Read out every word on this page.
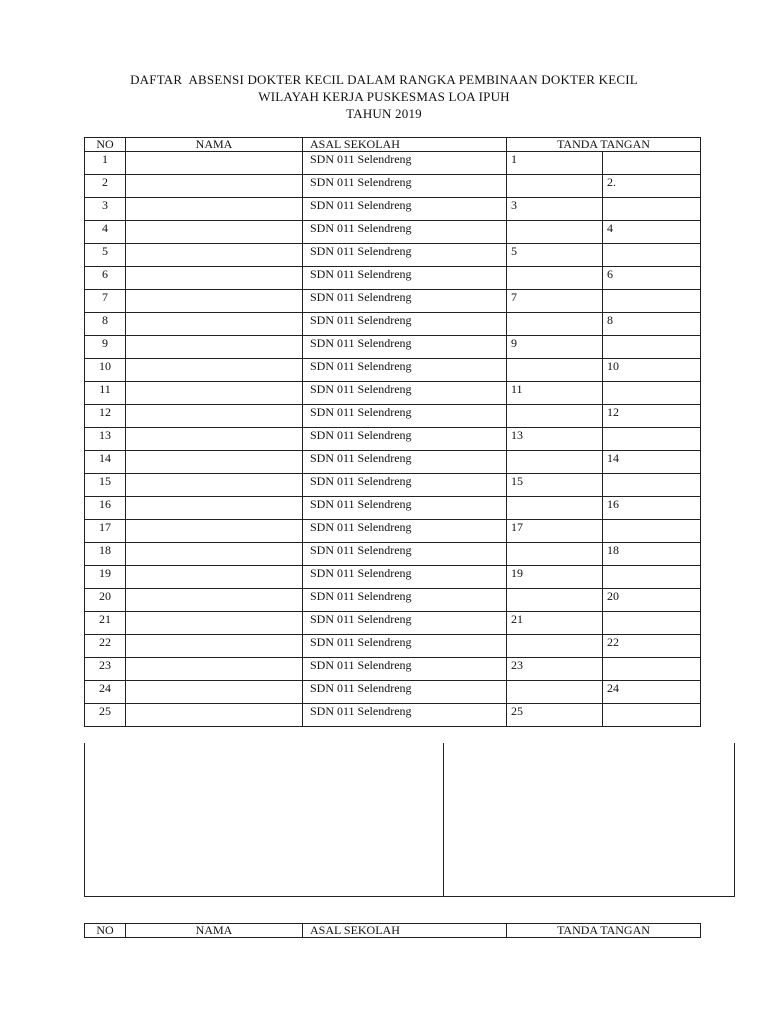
DAFTAR  ABSENSI DOKTER KECIL DALAM RANGKA PEMBINAAN DOKTER KECIL
WILAYAH KERJA PUSKESMAS LOA IPUH
TAHUN 2019
NO	NAMA	ASAL SEKOLAH	TANDA TANGAN	
1		SDN 011 Selendreng	1	
2		SDN 011 Selendreng		2.
3		SDN 011 Selendreng	3	
4		SDN 011 Selendreng		4
5		SDN 011 Selendreng	5	
6		SDN 011 Selendreng		6
7		SDN 011 Selendreng	7	
8		SDN 011 Selendreng		8
9		SDN 011 Selendreng	9	
10		SDN 011 Selendreng		10
11		SDN 011 Selendreng	11	
12		SDN 011 Selendreng		12
13		SDN 011 Selendreng	13	
14		SDN 011 Selendreng		14
15		SDN 011 Selendreng	15	
16		SDN 011 Selendreng		16
17		SDN 011 Selendreng	17	
18		SDN 011 Selendreng		18
19		SDN 011 Selendreng	19	
20		SDN 011 Selendreng		20
21		SDN 011 Selendreng	21	
22		SDN 011 Selendreng		22
23		SDN 011 Selendreng	23	
24		SDN 011 Selendreng		24
25		SDN 011 Selendreng	25	
NO	NAMA	ASAL SEKOLAH	TANDA TANGAN
